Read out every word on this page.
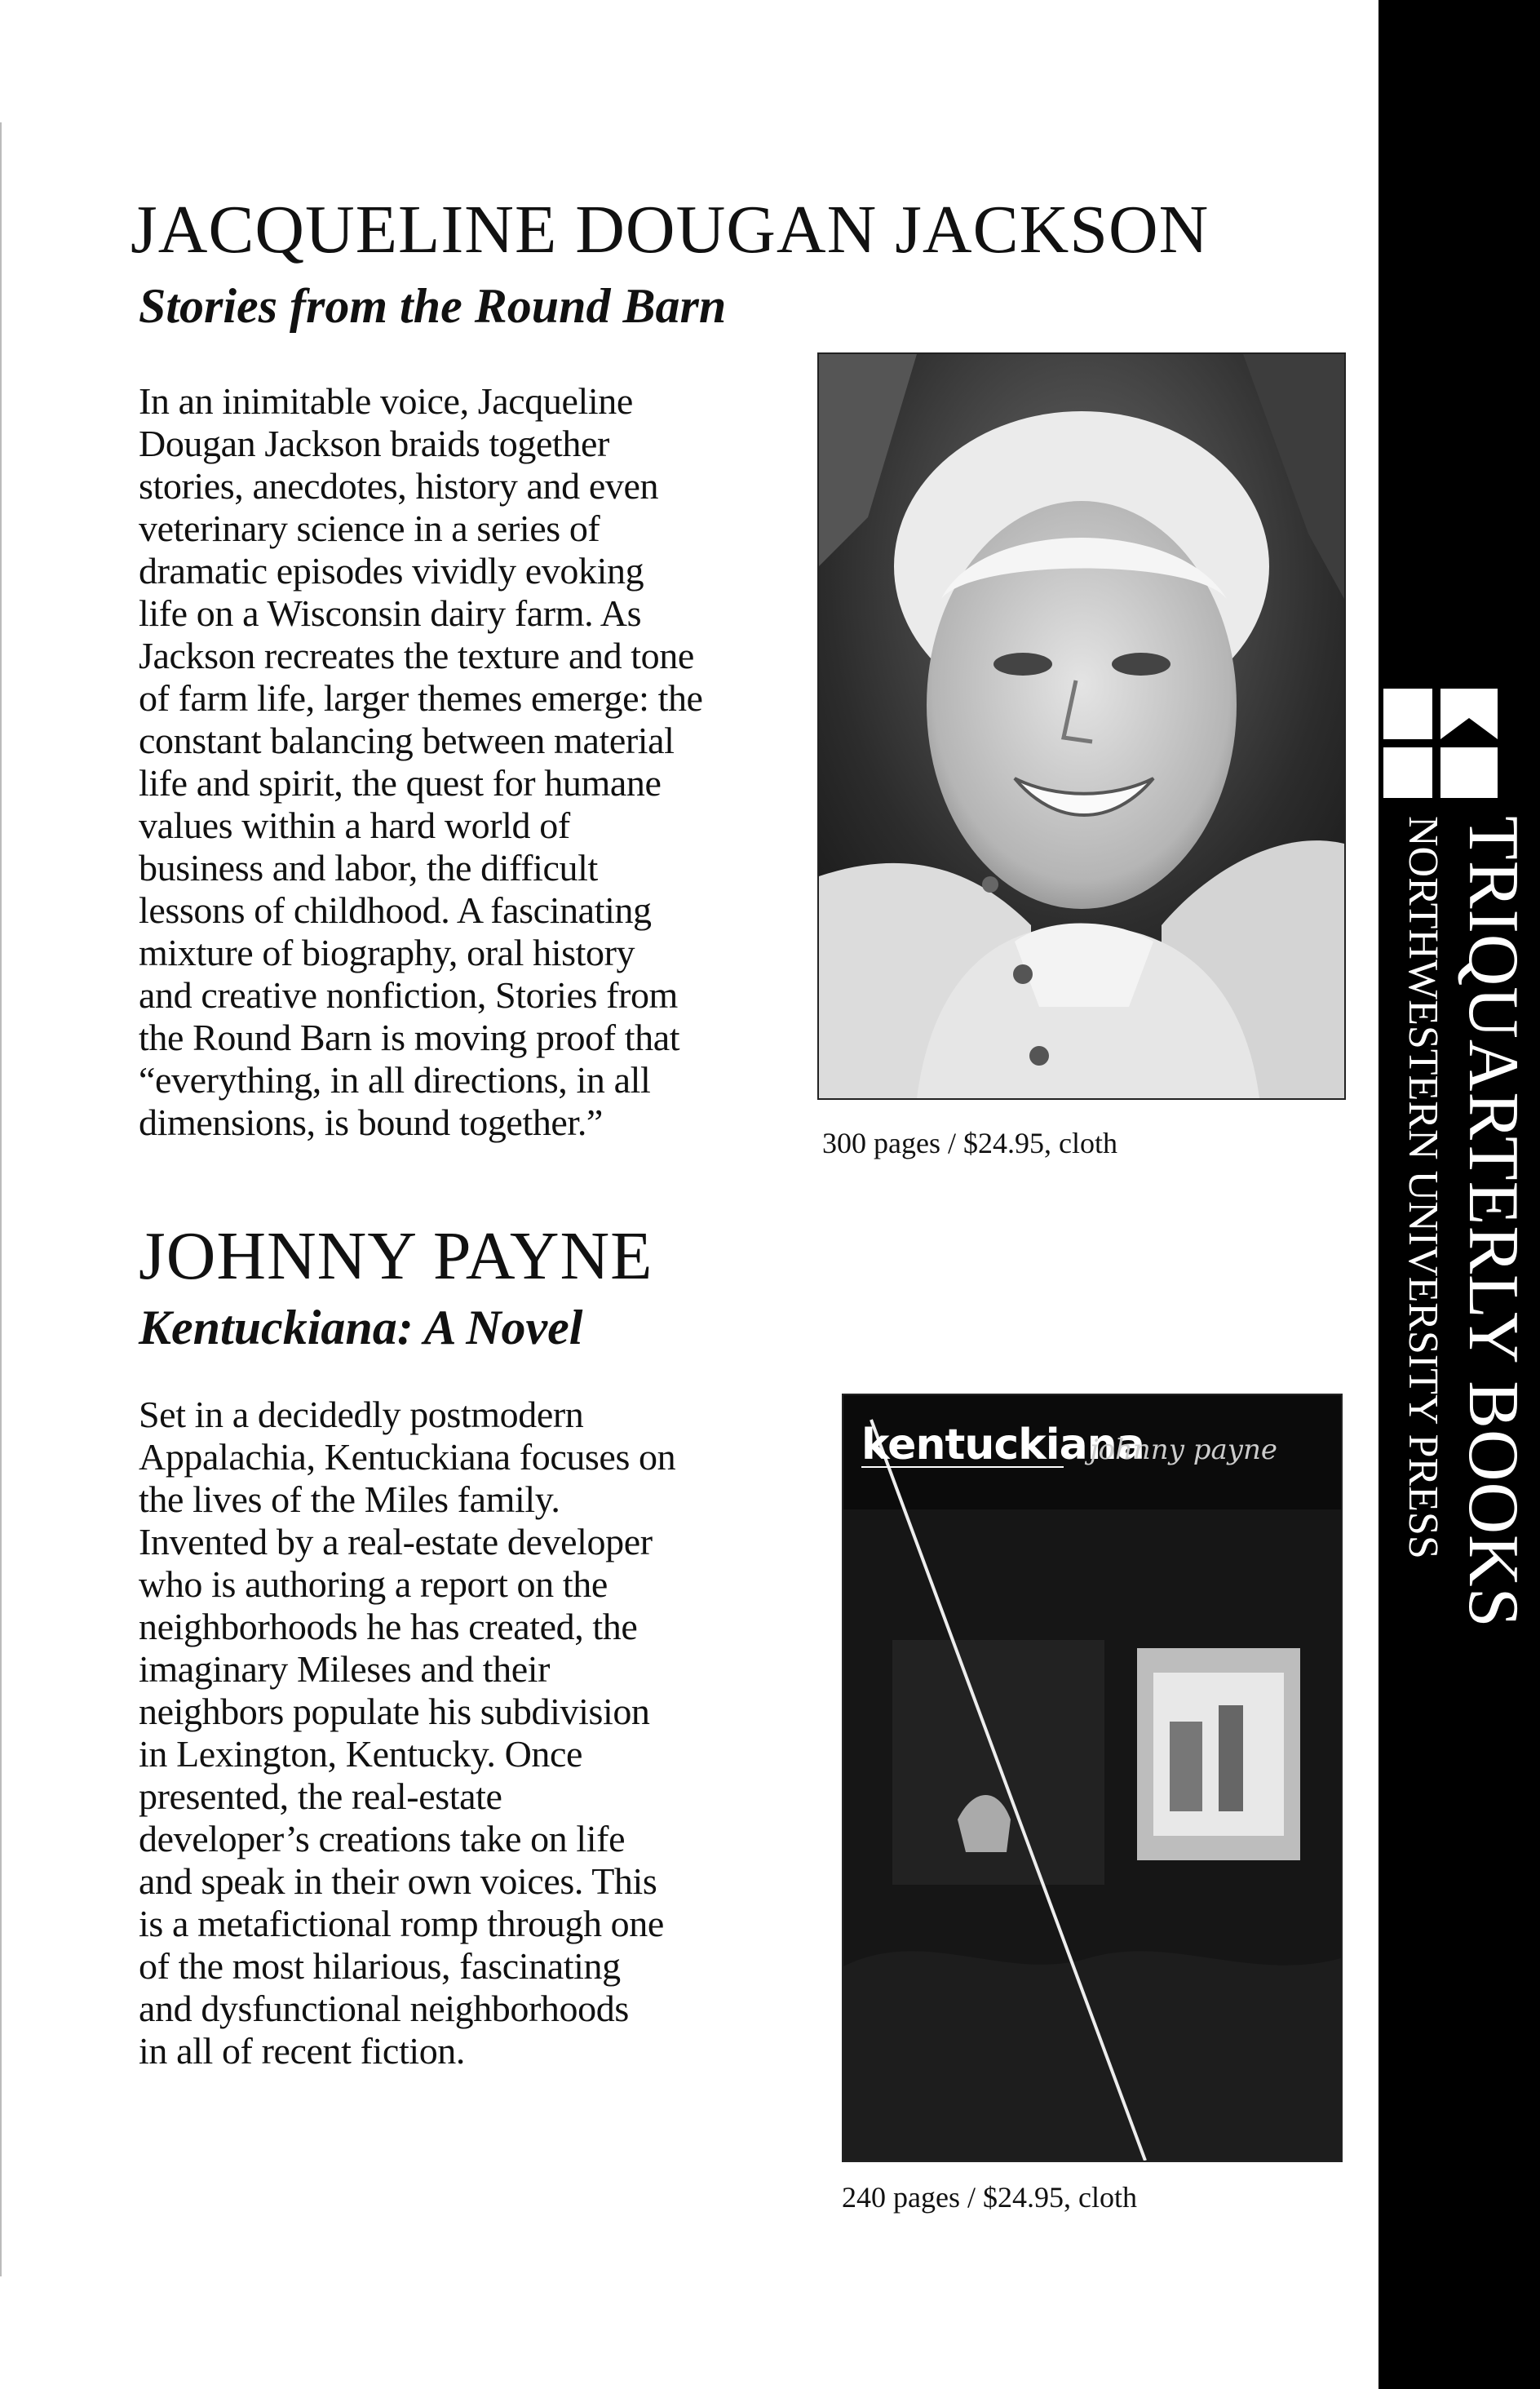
JACQUELINE DOUGAN JACKSON
Stories from the Round Barn
In an inimitable voice, Jacqueline
Dougan Jackson braids together
stories, anecdotes, history and even
veterinary science in a series of
dramatic episodes vividly evoking
life on a Wisconsin dairy farm. As
Jackson recreates the texture and tone
of farm life, larger themes emerge: the
constant balancing between material
life and spirit, the quest for humane
values within a hard world of
business and labor, the difficult
lessons of childhood. A fascinating
mixture of biography, oral history
and creative nonfiction, Stories from
the Round Barn is moving proof that
“everything, in all directions, in all
dimensions, is bound together.”	300 pages / $24.95, cloth
JOHNNY PAYNE
Kentuckiana: A Novel
Set in a decidedly postmodern
Appalachia, Kentuckiana focuses on
the lives of the Miles family.
Invented by a real-estate developer
who is authoring a report on the
neighborhoods he has created, the
imaginary Mileses and their
neighbors populate his subdivision
in Lexington, Kentucky. Once
presented, the real-estate
developer’s creations take on life
and speak in their own voices. This
is a metafictional romp through one
of the most hilarious, fascinating
and dysfunctional neighborhoods
in all of recent fiction.
kentuckiana
johnny payne
240 pages / $24.95, cloth
TRIQUARTERLY BOOKS
NORTHWESTERN UNIVERSITY PRESS
